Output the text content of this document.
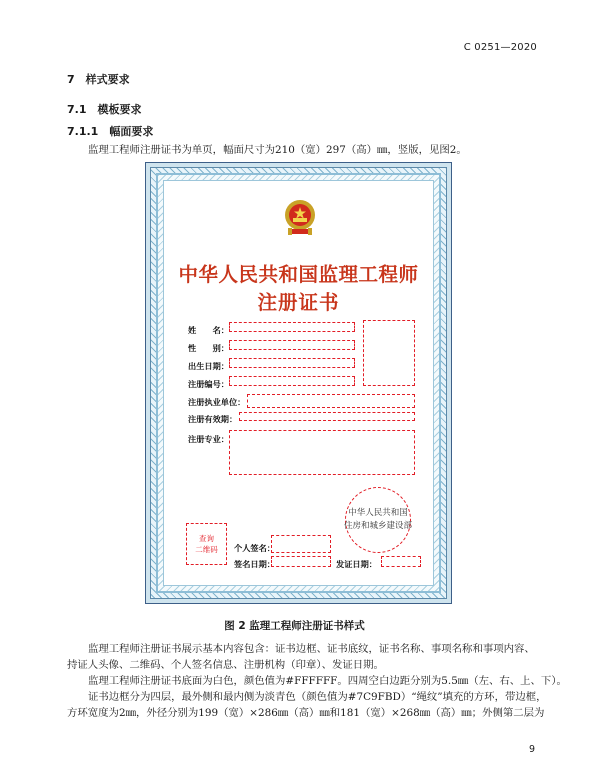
C 0251—2020
7　样式要求
7.1　模板要求
7.1.1　幅面要求
监理工程师注册证书为单页，幅面尺寸为210（宽）297（高）㎜，竖版，见图2。
中华人民共和国监理工程师
注册证书
姓　　名：
性　　别：
出生日期：
注册编号：
注册执业单位：
注册有效期：
注册专业：
中华人民共和国
住房和城乡建设部
查询
二维码 个人签名：
签名日期：	发证日期：
图 2 监理工程师注册证书样式
监理工程师注册证书展示基本内容包含：证书边框、证书底纹，证书名称、事项名称和事项内容、
持证人头像、二维码、个人签名信息、注册机构（印章）、发证日期。
监理工程师注册证书底面为白色，颜色值为#FFFFFF。四周空白边距分别为5.5㎜（左、右、上、下）。
证书边框分为四层，最外侧和最内侧为淡青色（颜色值为#7C9FBD）“绳纹”填充的方环，带边框，
方环宽度为2㎜，外径分别为199（宽）×286㎜（高）㎜和181（宽）×268㎜（高）㎜；外侧第二层为
9
